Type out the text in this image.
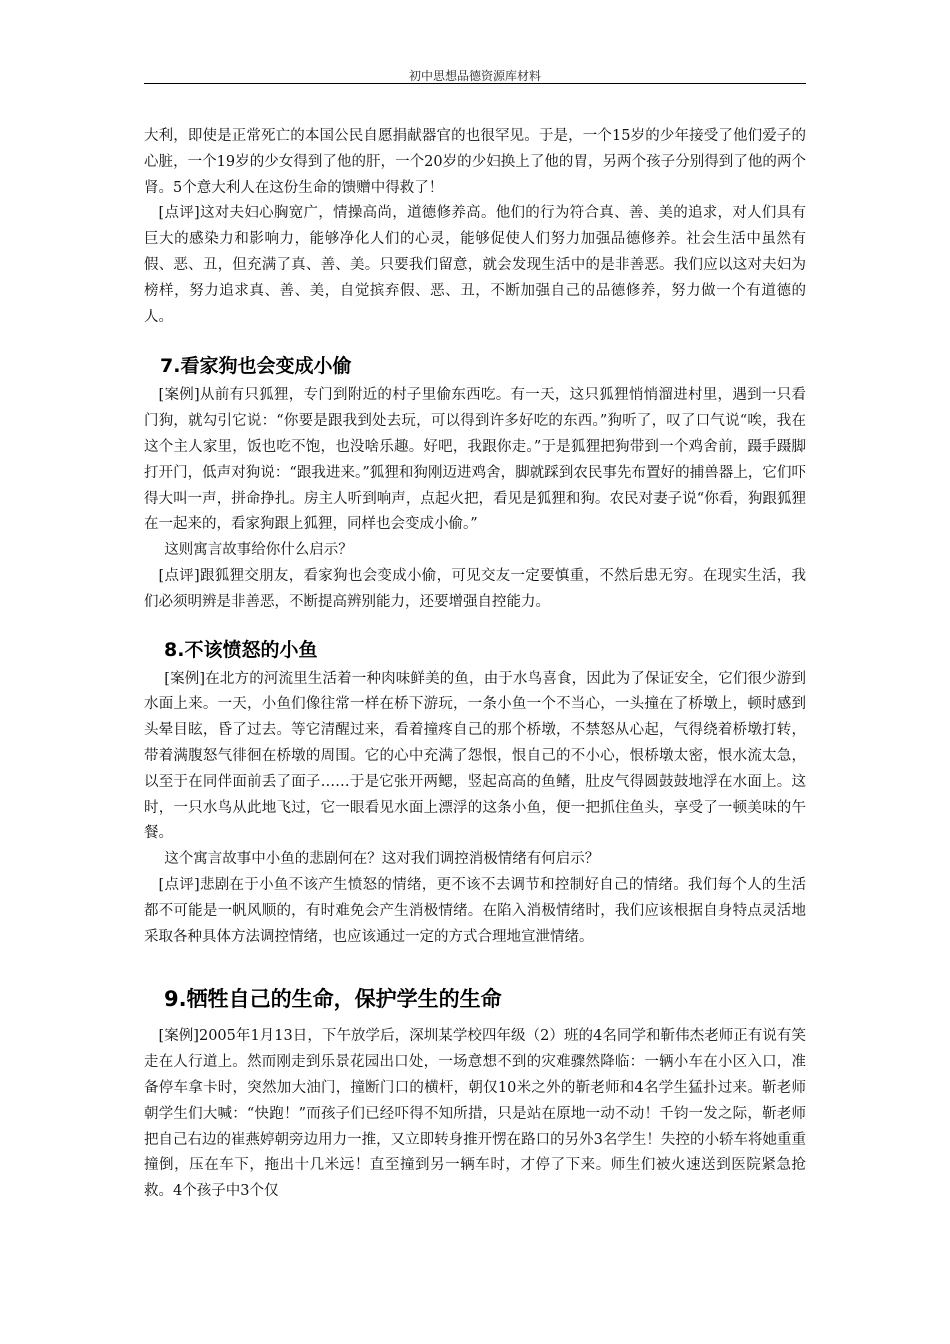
初中思想品德资源库材料

大利，即使是正常死亡的本国公民自愿捐献器官的也很罕见。于是，一个15岁的少年接受了他们爱子的心脏，一个19岁的少女得到了他的肝，一个20岁的少妇换上了他的胃，另两个孩子分别得到了他的两个肾。5个意大利人在这份生命的馈赠中得救了！

[点评]这对夫妇心胸宽广，情操高尚，道德修养高。他们的行为符合真、善、美的追求，对人们具有巨大的感染力和影响力，能够净化人们的心灵，能够促使人们努力加强品德修养。社会生活中虽然有假、恶、丑，但充满了真、善、美。只要我们留意，就会发现生活中的是非善恶。我们应以这对夫妇为榜样，努力追求真、善、美，自觉摈弃假、恶、丑，不断加强自己的品德修养，努力做一个有道德的人。

7.看家狗也会变成小偷

[案例]从前有只狐狸，专门到附近的村子里偷东西吃。有一天，这只狐狸悄悄溜进村里，遇到一只看门狗，就勾引它说：“你要是跟我到处去玩，可以得到许多好吃的东西。”狗听了，叹了口气说“唉，我在这个主人家里，饭也吃不饱，也没啥乐趣。好吧，我跟你走。”于是狐狸把狗带到一个鸡舍前，蹑手蹑脚打开门，低声对狗说：“跟我进来。”狐狸和狗刚迈进鸡舍，脚就踩到农民事先布置好的捕兽器上，它们吓得大叫一声，拼命挣扎。房主人听到响声，点起火把，看见是狐狸和狗。农民对妻子说“你看，狗跟狐狸在一起来的，看家狗跟上狐狸，同样也会变成小偷。”

这则寓言故事给你什么启示？

[点评]跟狐狸交朋友，看家狗也会变成小偷，可见交友一定要慎重，不然后患无穷。在现实生活，我们必须明辨是非善恶，不断提高辨别能力，还要增强自控能力。

8.不该愤怒的小鱼

[案例]在北方的河流里生活着一种肉味鲜美的鱼，由于水鸟喜食，因此为了保证安全，它们很少游到水面上来。一天，小鱼们像往常一样在桥下游玩，一条小鱼一个不当心，一头撞在了桥墩上，顿时感到头晕目眩，昏了过去。等它清醒过来，看着撞疼自己的那个桥墩，不禁怒从心起，气得绕着桥墩打转，带着满腹怒气徘徊在桥墩的周围。它的心中充满了怨恨，恨自己的不小心，恨桥墩太密，恨水流太急，以至于在同伴面前丢了面子……于是它张开两鳃，竖起高高的鱼鳍，肚皮气得圆鼓鼓地浮在水面上。这时，一只水鸟从此地飞过，它一眼看见水面上漂浮的这条小鱼，便一把抓住鱼头，享受了一顿美味的午餐。

这个寓言故事中小鱼的悲剧何在？这对我们调控消极情绪有何启示？

[点评]悲剧在于小鱼不该产生愤怒的情绪，更不该不去调节和控制好自己的情绪。我们每个人的生活都不可能是一帆风顺的，有时难免会产生消极情绪。在陷入消极情绪时，我们应该根据自身特点灵活地采取各种具体方法调控情绪，也应该通过一定的方式合理地宣泄情绪。

9.牺牲自己的生命，保护学生的生命

[案例]2005年1月13日，下午放学后，深圳某学校四年级（2）班的4名同学和靳伟杰老师正有说有笑走在人行道上。然而刚走到乐景花园出口处，一场意想不到的灾难骤然降临：一辆小车在小区入口，准备停车拿卡时，突然加大油门，撞断门口的横杆，朝仅10米之外的靳老师和4名学生猛扑过来。靳老师朝学生们大喊：“快跑！”而孩子们已经吓得不知所措，只是站在原地一动不动！千钧一发之际，靳老师把自己右边的崔燕婷朝旁边用力一推，又立即转身推开愣在路口的另外3名学生！失控的小轿车将她重重撞倒，压在车下，拖出十几米远！直至撞到另一辆车时，才停了下来。师生们被火速送到医院紧急抢救。4个孩子中3个仅
